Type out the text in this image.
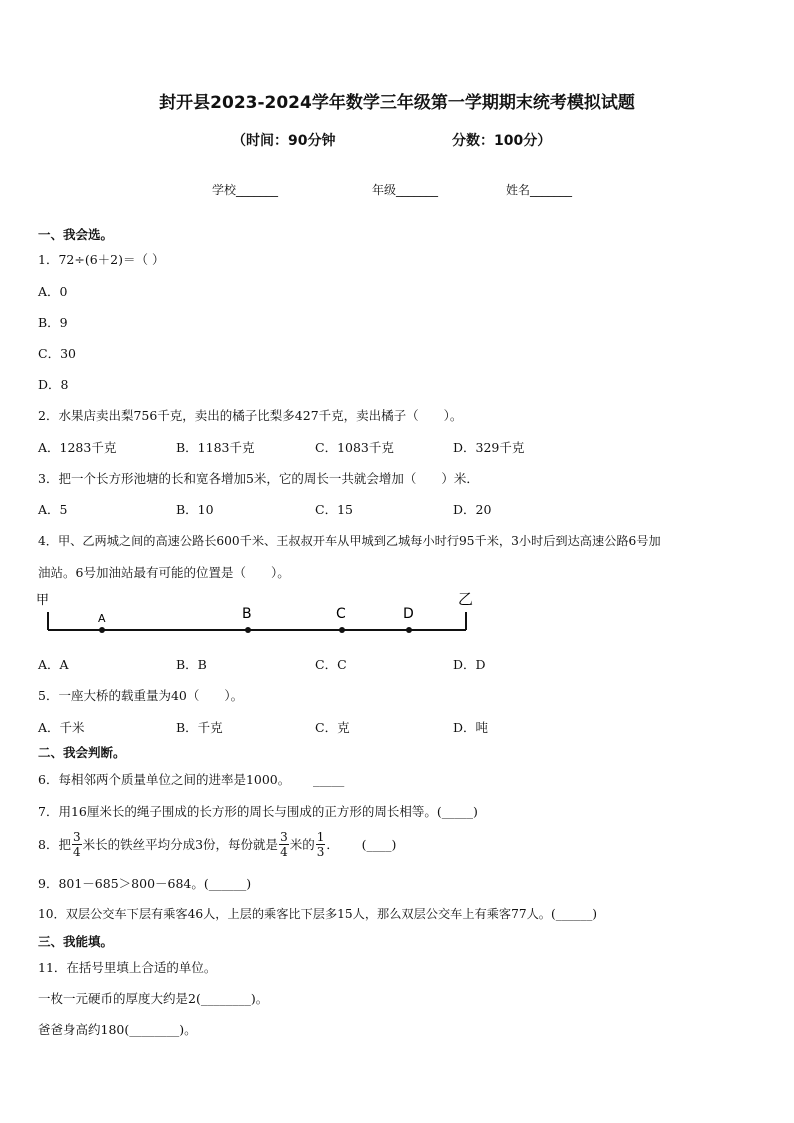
封开县2023-2024学年数学三年级第一学期期末统考模拟试题
（时间：90分钟	分数：100分）
学校_______	年级_______	姓名_______
一、我会选。
1．72÷(6＋2)＝（ ）
A．0
B．9
C．30
D．8
2．水果店卖出梨756千克，卖出的橘子比梨多427千克，卖出橘子（　　）。
A．1283千克	B．1183千克	C．1083千克	D．329千克
3．把一个长方形池塘的长和宽各增加5米，它的周长一共就会增加（　　）米．
A．5	B．10	C．15	D．20
4．甲、乙两城之间的高速公路长600千米、王叔叔开车从甲城到乙城每小时行95千米，3小时后到达高速公路6号加
油站。6号加油站最有可能的位置是（　　）。
甲	乙
A	B	C	D
A．A	B．B	C．C	D．D
5．一座大桥的载重量为40（　　）。
A．千米	B．千克	C．克	D．吨
二、我会判断。
6．每相邻两个质量单位之间的进率是1000。　　 _____
7．用16厘米长的绳子围成的长方形的周长与围成的正方形的周长相等。(_____)
8．把 $\frac{3}{4}$ 米长的铁丝平均分成3份，每份就是 $\frac{3}{4}$ 米的 $\frac{1}{3}$ ．　　 (____)
9．801－685＞800－684。(______)
10．双层公交车下层有乘客46人，上层的乘客比下层多15人，那么双层公交车上有乘客77人。(______)
三、我能填。
11．在括号里填上合适的单位。
一枚一元硬币的厚度大约是2(________)。
爸爸身高约180(________)。
